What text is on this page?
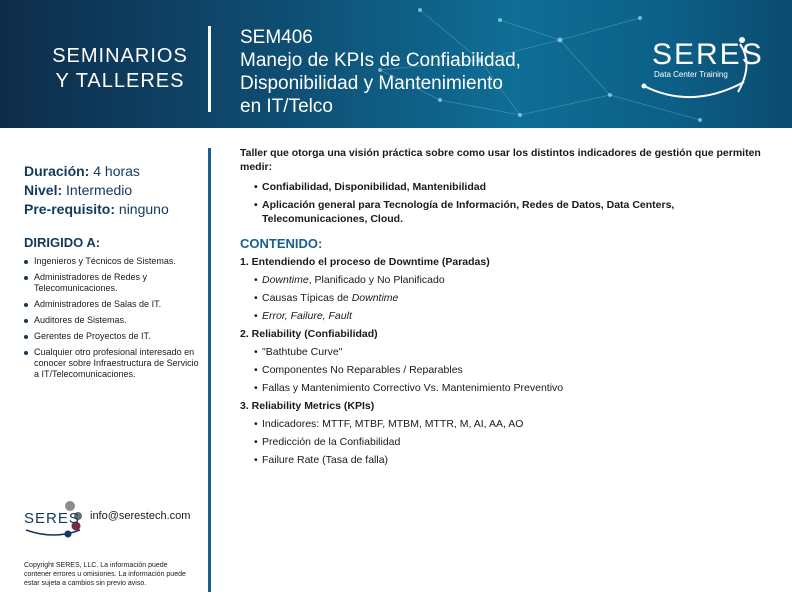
SEMINARIOS
Y TALLERES
SEM406
Manejo de KPIs de Confiabilidad,
Disponibilidad y Mantenimiento
en IT/Telco
SERES
Data Center Training
Duración: 4 horas
Nivel: Intermedio
Pre-requisito: ninguno
DIRIGIDO A:
Ingenieros y Técnicos de Sistemas.
Administradores de Redes y Telecomunicaciones.
Administradores de Salas de IT.
Auditores de Sistemas.
Gerentes de Proyectos de IT.
Cualquier otro profesional interesado en conocer sobre Infraestructura de Servicio a IT/Telecomunicaciones.
SERES info@serestech.com
Copyright SERES, LLC. La información puede contener errores u omisiones. La información puede estar sujeta a cambios sin previo aviso.
Taller que otorga una visión práctica sobre como usar los distintos indicadores de gestión que permiten medir:
• Confiabilidad, Disponibilidad, Mantenibilidad
• Aplicación general para Tecnología de Información, Redes de Datos, Data Centers, Telecomunicaciones, Cloud.
CONTENIDO:
1. Entendiendo el proceso de Downtime (Paradas)
• Downtime, Planificado y No Planificado
• Causas Típicas de Downtime
• Error, Failure, Fault
2. Reliability (Confiabilidad)
• "Bathtube Curve"
• Componentes No Reparables / Reparables
• Fallas y Mantenimiento Correctivo Vs. Mantenimiento Preventivo
3. Reliability Metrics (KPIs)
• Indicadores: MTTF, MTBF, MTBM, MTTR, M, AI, AA, AO
• Predicción de la Confiabilidad
• Failure Rate (Tasa de falla)
